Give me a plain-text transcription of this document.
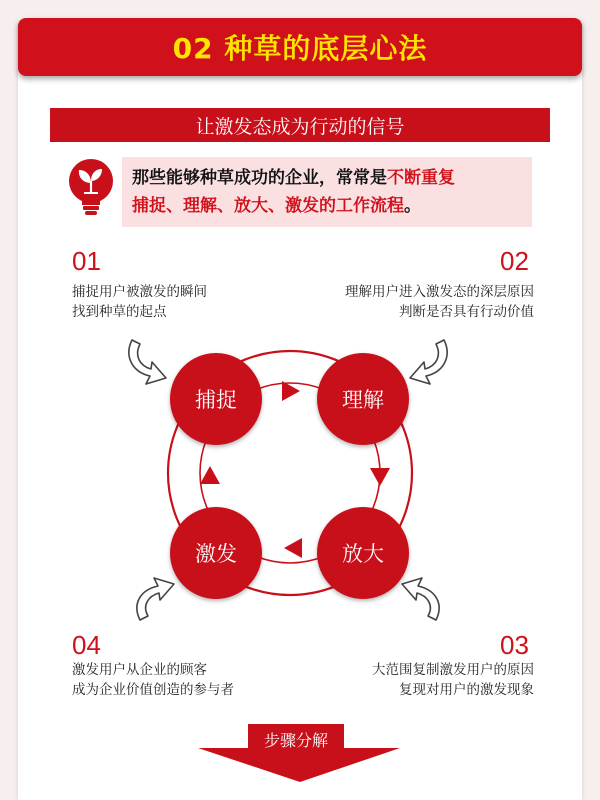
02 种草的底层心法
让激发态成为行动的信号
那些能够种草成功的企业，常常是不断重复
捕捉、理解、放大、激发的工作流程。
01
捕捉用户被激发的瞬间
找到种草的起点
02
理解用户进入激发态的深层原因
判断是否具有行动价值
04
激发用户从企业的顾客
成为企业价值创造的参与者
03
大范围复制激发用户的原因
复现对用户的激发现象
捕捉	理解
放大
激发
步骤分解
